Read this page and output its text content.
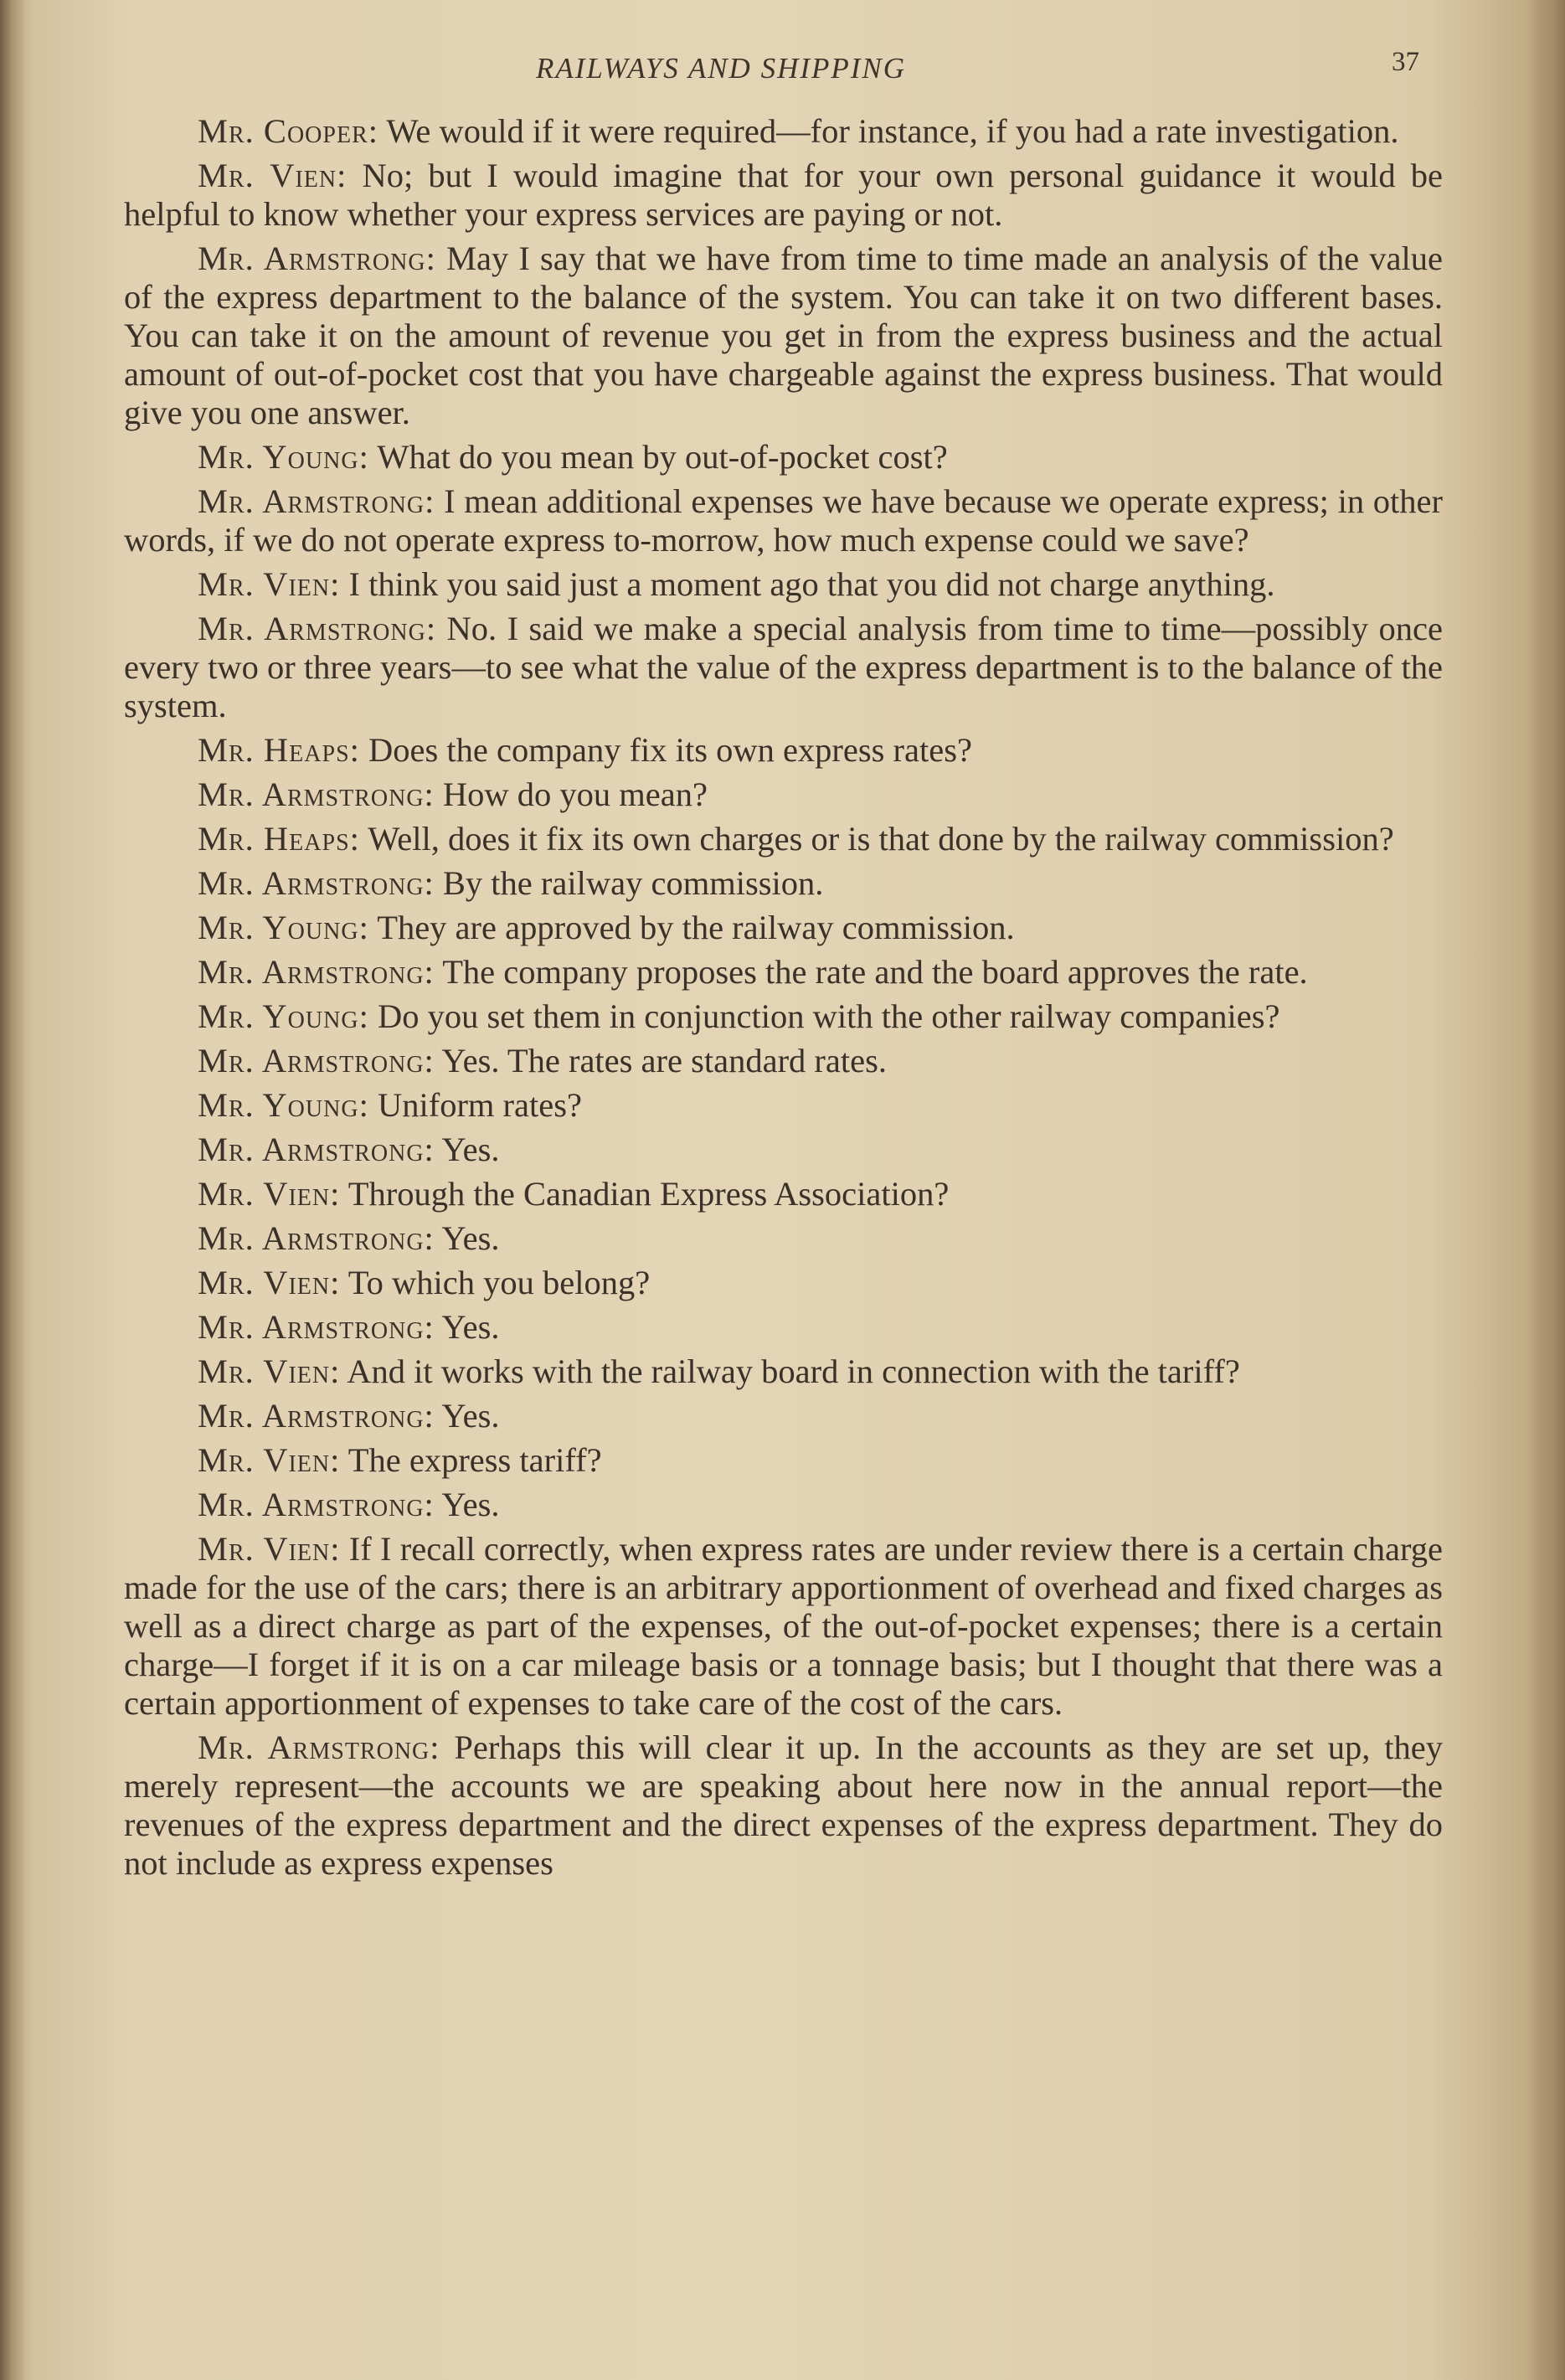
RAILWAYS AND SHIPPING	37

Mr. Cooper: We would if it were required—for instance, if you had a rate investigation.

Mr. Vien: No; but I would imagine that for your own personal guidance it would be helpful to know whether your express services are paying or not.

Mr. Armstrong: May I say that we have from time to time made an analysis of the value of the express department to the balance of the system. You can take it on two different bases. You can take it on the amount of revenue you get in from the express business and the actual amount of out-of-pocket cost that you have chargeable against the express business. That would give you one answer.

Mr. Young: What do you mean by out-of-pocket cost?

Mr. Armstrong: I mean additional expenses we have because we operate express; in other words, if we do not operate express to-morrow, how much expense could we save?

Mr. Vien: I think you said just a moment ago that you did not charge anything.

Mr. Armstrong: No. I said we make a special analysis from time to time—possibly once every two or three years—to see what the value of the express department is to the balance of the system.

Mr. Heaps: Does the company fix its own express rates?

Mr. Armstrong: How do you mean?

Mr. Heaps: Well, does it fix its own charges or is that done by the railway commission?

Mr. Armstrong: By the railway commission.

Mr. Young: They are approved by the railway commission.

Mr. Armstrong: The company proposes the rate and the board approves the rate.

Mr. Young: Do you set them in conjunction with the other railway companies?

Mr. Armstrong: Yes. The rates are standard rates.

Mr. Young: Uniform rates?

Mr. Armstrong: Yes.

Mr. Vien: Through the Canadian Express Association?

Mr. Armstrong: Yes.

Mr. Vien: To which you belong?

Mr. Armstrong: Yes.

Mr. Vien: And it works with the railway board in connection with the tariff?

Mr. Armstrong: Yes.

Mr. Vien: The express tariff?

Mr. Armstrong: Yes.

Mr. Vien: If I recall correctly, when express rates are under review there is a certain charge made for the use of the cars; there is an arbitrary apportionment of overhead and fixed charges as well as a direct charge as part of the expenses, of the out-of-pocket expenses; there is a certain charge—I forget if it is on a car mileage basis or a tonnage basis; but I thought that there was a certain apportionment of expenses to take care of the cost of the cars.

Mr. Armstrong: Perhaps this will clear it up. In the accounts as they are set up, they merely represent—the accounts we are speaking about here now in the annual report—the revenues of the express department and the direct expenses of the express department. They do not include as express expenses
